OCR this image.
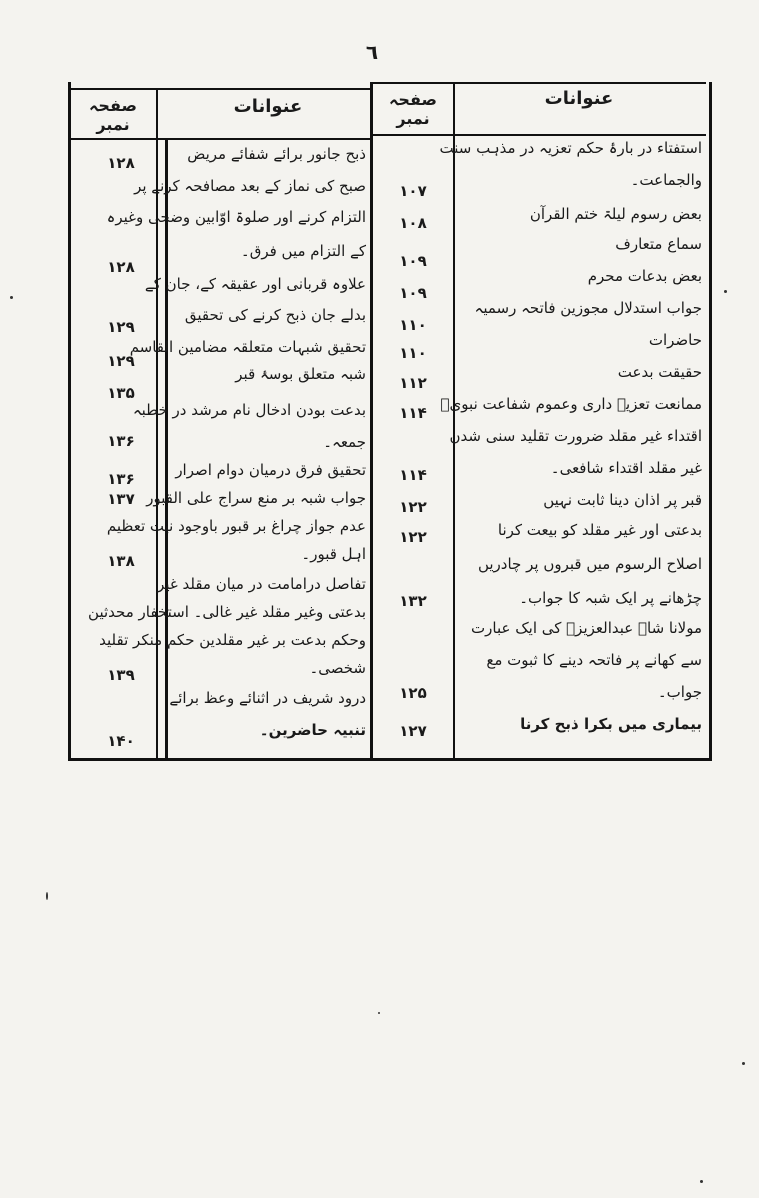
٦
صفحہ نمبر
عنوانات	صفحہ نمبر
عنوانات
ذبح جانور برائے شفائے مریض
۱۲۸
صبح کی نماز کے بعد مصافحہ کرنے پر
التزام کرنے اور صلوۃ اوّابین وضحی وغیرہ
کے التزام میں فرق۔
۱۲۸
علاوہ قربانی اور عقیقہ کے، جان کے
بدلے جان ذبح کرنے کی تحقیق
۱۲۹
تحقیق شبہات متعلقہ مضامین القاسم
شبہ متعلق بوسۂ قبر
۱۲۹
۱۳۵
بدعت بودن ادخال نام مرشد در خطبہ
جمعہ۔
۱۳۶
تحقیق فرق درمیان دوام اصرار
۱۳۶
جواب شبہ بر منع سراج علی القبور
۱۳۷
عدم جواز چراغ بر قبور باوجود نیت تعظیم
اہل قبور۔
۱۳۸
تفاصل درامامت در میان مقلد غیر
بدعتی وغیر مقلد غیر غالی۔ استخفار محدثین
وحکم بدعت بر غیر مقلدین حکم منکر تقلید
شخصی۔
۱۳۹
درود شریف در اثنائے وعظ برائے
تنبیہ حاضرین۔
۱۴۰
استفتاء در بارۂ حکم تعزیہ در مذہب سنت
والجماعت۔
۱۰۷
بعض رسوم لیلۃ ختم القرآن
۱۰۸
سماع متعارف
۱۰۹
بعض بدعات محرم
۱۰۹
جواب استدلال مجوزین فاتحہ رسمیہ
۱۱۰
حاضرات
۱۱۰
حقیقت بدعت
۱۱۲
ممانعت تعزیہ داری وعموم شفاعت نبویؐ
۱۱۴
اقتداء غیر مقلد ضرورت تقلید سنی شدن
غیر مقلد اقتداء شافعی۔
۱۱۴
قبر پر اذان دینا ثابت نہیں
۱۲۲
بدعتی اور غیر مقلد کو بیعت کرنا
۱۲۲
اصلاح الرسوم میں قبروں پر چادریں
چڑھانے پر ایک شبہ کا جواب۔
۱۳۲
مولانا شاہ عبدالعزیزؒ کی ایک عبارت
سے کھانے پر فاتحہ دینے کا ثبوت مع
جواب۔
۱۲۵
بیماری میں بکرا ذبح کرنا
۱۲۷
